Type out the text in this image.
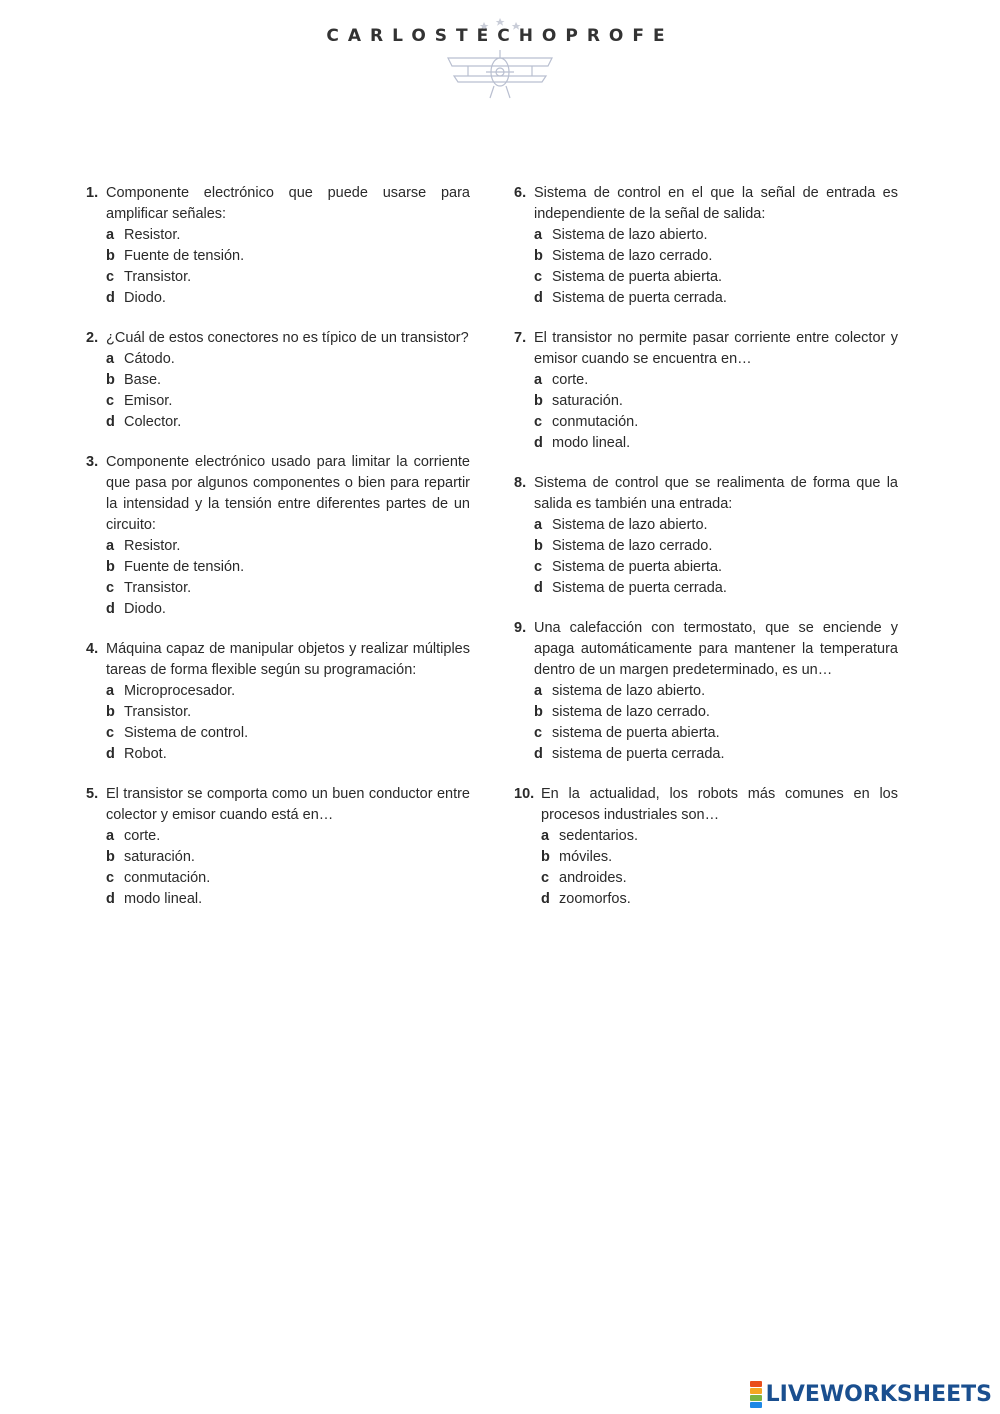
CARLOSTECHOPROFE
1. Componente electrónico que puede usarse para amplificar señales:

a Resistor.
b Fuente de tensión.
c Transistor.
d Diodo.
2. ¿Cuál de estos conectores no es típico de un transistor?

a Cátodo.
b Base.
c Emisor.
d Colector.
3. Componente electrónico usado para limitar la corriente que pasa por algunos componentes o bien para repartir la intensidad y la tensión entre diferentes partes de un circuito:

a Resistor.
b Fuente de tensión.
c Transistor.
d Diodo.
4. Máquina capaz de manipular objetos y realizar múltiples tareas de forma flexible según su programación:

a Microprocesador.
b Transistor.
c Sistema de control.
d Robot.
5. El transistor se comporta como un buen conductor entre colector y emisor cuando está en…

a corte.
b saturación.
c conmutación.
d modo lineal.
6. Sistema de control en el que la señal de entrada es independiente de la señal de salida:

a Sistema de lazo abierto.
b Sistema de lazo cerrado.
c Sistema de puerta abierta.
d Sistema de puerta cerrada.
7. El transistor no permite pasar corriente entre colector y emisor cuando se encuentra en…

a corte.
b saturación.
c conmutación.
d modo lineal.
8. Sistema de control que se realimenta de forma que la salida es también una entrada:

a Sistema de lazo abierto.
b Sistema de lazo cerrado.
c Sistema de puerta abierta.
d Sistema de puerta cerrada.
9. Una calefacción con termostato, que se enciende y apaga automáticamente para mantener la temperatura dentro de un margen predeterminado, es un…

a sistema de lazo abierto.
b sistema de lazo cerrado.
c sistema de puerta abierta.
d sistema de puerta cerrada.
10. En la actualidad, los robots más comunes en los procesos industriales son…

a sedentarios.
b móviles.
c androides.
d zoomorfos.
LIVEWORKSHEETS
